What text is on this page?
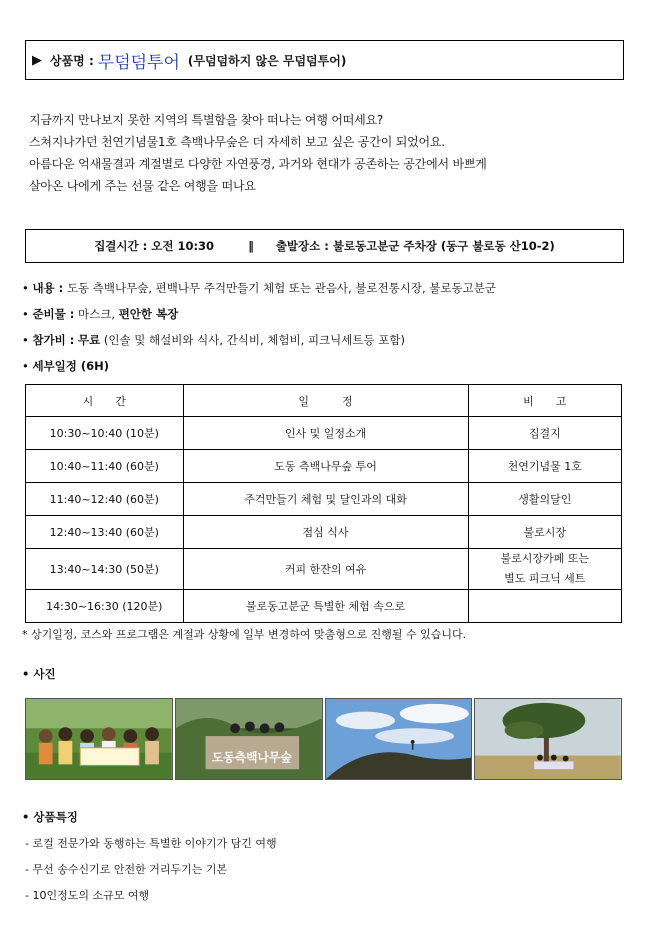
▶ 상품명 : 무덤덤투어 (무덤덤하지 않은 무덤덤투어)

지금까지 만나보지 못한 지역의 특별함을 찾아 떠나는 여행 어떠세요?

스쳐지나가던 천연기념물1호 측백나무숲은 더 자세히 보고 싶은 공간이 되었어요.

아름다운 억새물결과 계절별로 다양한 자연풍경, 과거와 현대가 공존하는 공간에서 바쁘게

살아온 나에게 주는 선물 같은 여행을 떠나요

집결시간 : 오전 10:30	‖ 출발장소 : 불로동고분군 주차장 (동구 불로동 산10-2)
• 내용 : 도동 측백나무숲, 편백나무 주걱만들기 체험 또는 관음사, 불로전통시장, 불로동고분군
• 준비물 : 마스크, 편안한 복장
• 참가비 : 무료 (인솔 및 해설비와 식사, 간식비, 체험비, 피크닉세트등 포함)
• 세부일정 (6H)
시　　간	일　　　정	비　　고
10:30~10:40 (10분)	인사 및 일정소개	집결지
10:40~11:40 (60분)	도동 측백나무숲 투어	천연기념물 1호
11:40~12:40 (60분)	주걱만들기 체험 및 달인과의 대화	생활의달인
12:40~13:40 (60분)	점심 식사	불로시장
13:40~14:30 (50분)	커피 한잔의 여유	불로시장카페 또는
별도 피크닉 세트

14:30~16:30 (120분)	불로동고분군 특별한 체험 속으로	
* 상기일정, 코스와 프로그램은 계절과 상황에 일부 변경하여 맞춤형으로 진행될 수 있습니다.
• 사진
도동측백나무숲
• 상품특징
- 로컬 전문가와 동행하는 특별한 이야기가 담긴 여행
- 무선 송수신기로 안전한 거리두기는 기본
- 10인정도의 소규모 여행
